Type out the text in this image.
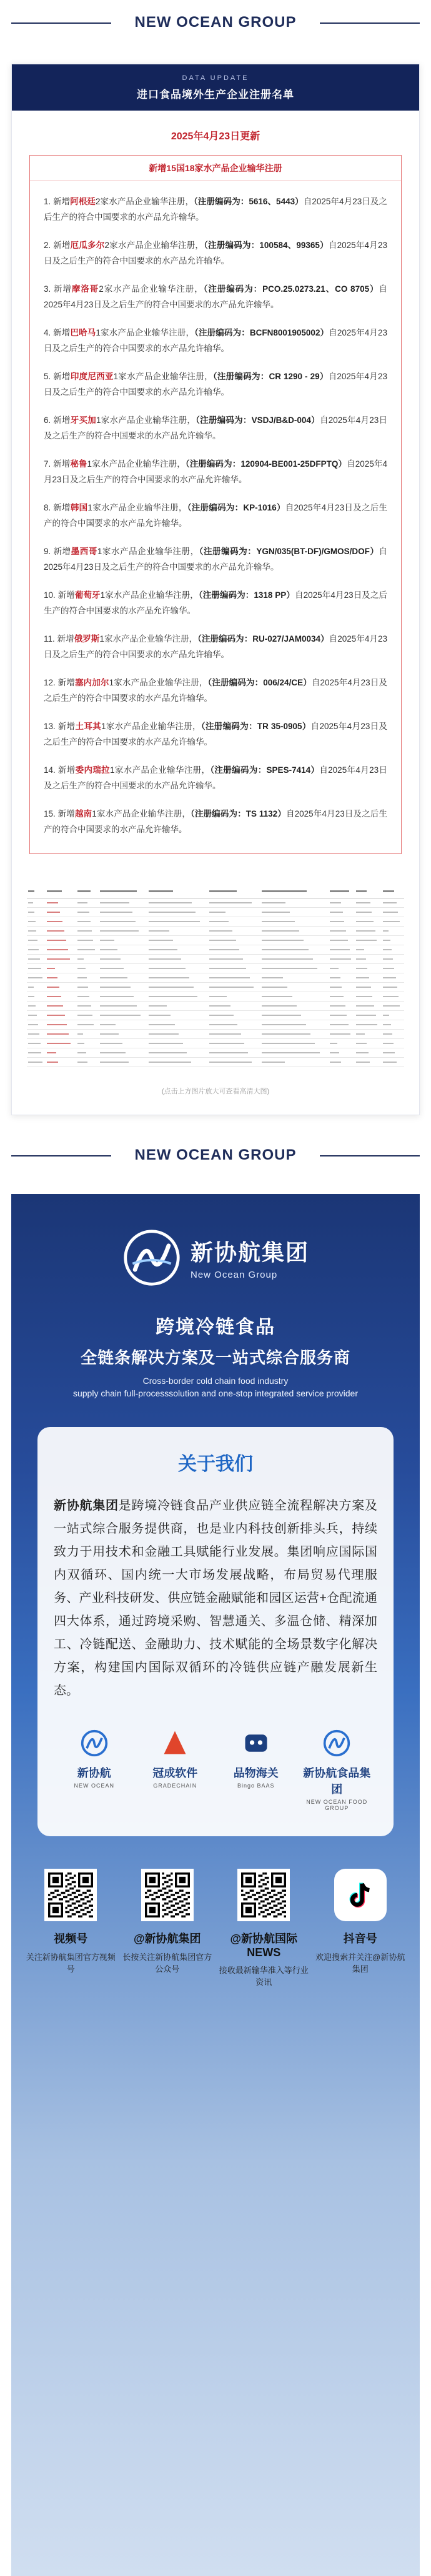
NEW OCEAN GROUP
DATA UPDATE
进口食品境外生产企业注册名单
2025年4月23日更新
新增15国18家水产品企业输华注册
1. 新增阿根廷2家水产品企业输华注册，（注册编码为：5616、5443）自2025年4月23日及之后生产的符合中国要求的水产品允许输华。
2. 新增厄瓜多尔2家水产品企业输华注册，（注册编码为：100584、99365）自2025年4月23日及之后生产的符合中国要求的水产品允许输华。
3. 新增摩洛哥2家水产品企业输华注册，（注册编码为：PCO.25.0273.21、CO 8705）自2025年4月23日及之后生产的符合中国要求的水产品允许输华。
4. 新增巴哈马1家水产品企业输华注册，（注册编码为：BCFN8001905002）自2025年4月23日及之后生产的符合中国要求的水产品允许输华。
5. 新增印度尼西亚1家水产品企业输华注册，（注册编码为：CR 1290 - 29）自2025年4月23日及之后生产的符合中国要求的水产品允许输华。
6. 新增牙买加1家水产品企业输华注册，（注册编码为：VSDJ/B&D-004）自2025年4月23日及之后生产的符合中国要求的水产品允许输华。
7. 新增秘鲁1家水产品企业输华注册，（注册编码为：120904-BE001-25DFPTQ）自2025年4月23日及之后生产的符合中国要求的水产品允许输华。
8. 新增韩国1家水产品企业输华注册，（注册编码为：KP-1016）自2025年4月23日及之后生产的符合中国要求的水产品允许输华。
9. 新增墨西哥1家水产品企业输华注册，（注册编码为：YGN/035(BT-DF)/GMOS/DOF）自2025年4月23日及之后生产的符合中国要求的水产品允许输华。
10. 新增葡萄牙1家水产品企业输华注册，（注册编码为：1318 PP）自2025年4月23日及之后生产的符合中国要求的水产品允许输华。
11. 新增俄罗斯1家水产品企业输华注册，（注册编码为：RU-027/JAM0034）自2025年4月23日及之后生产的符合中国要求的水产品允许输华。
12. 新增塞内加尔1家水产品企业输华注册，（注册编码为：006/24/CE）自2025年4月23日及之后生产的符合中国要求的水产品允许输华。
13. 新增土耳其1家水产品企业输华注册，（注册编码为：TR 35-0905）自2025年4月23日及之后生产的符合中国要求的水产品允许输华。
14. 新增委内瑞拉1家水产品企业输华注册，（注册编码为：SPES-7414）自2025年4月23日及之后生产的符合中国要求的水产品允许输华。
15. 新增越南1家水产品企业输华注册，（注册编码为：TS 1132）自2025年4月23日及之后生产的符合中国要求的水产品允许输华。

(点击上方图片放大可查看高清大图)
NEW OCEAN GROUP
新协航集团
New Ocean Group
跨境冷链食品
全链条解决方案及一站式综合服务商
Cross-border cold chain food industry
supply chain full-processsolution and one-stop integrated service provider
关于我们
新协航集团是跨境冷链食品产业供应链全流程解决方案及一站式综合服务提供商，也是业内科技创新排头兵，持续致力于用技术和金融工具赋能行业发展。集团响应国际国内双循环、国内统一大市场发展战略，布局贸易代理服务、产业科技研发、供应链金融赋能和园区运营+仓配流通四大体系，通过跨境采购、智慧通关、多温仓储、精深加工、冷链配送、金融助力、技术赋能的全场景数字化解决方案，构建国内国际双循环的冷链供应链产融发展新生态。
新协航
NEW OCEAN
冠成软件
GRADECHAIN
品物海关
Bingo BAAS
新协航食品集团
NEW OCEAN FOOD GROUP
视频号
关注新协航集团官方视频号
@新协航集团
长按关注新协航集团官方公众号
@新协航国际NEWS
接收最新输华准入等行业资讯
抖音号
欢迎搜索并关注@新协航集团
